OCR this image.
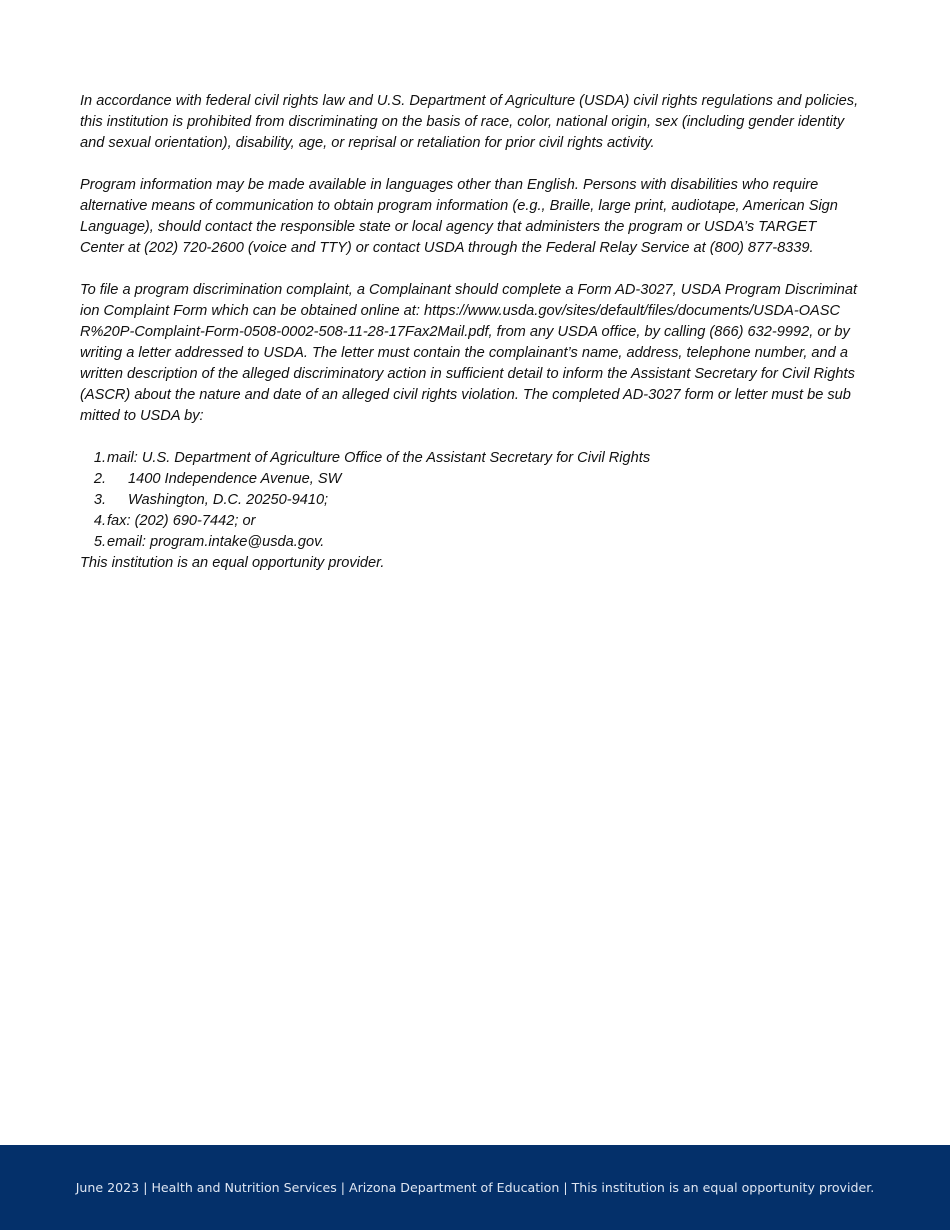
In accordance with federal civil rights law and U.S. Department of Agriculture (USDA) civil rights regulations and policies, this institution is prohibited from discriminating on the basis of race, color, national origin, sex (including gender identity and sexual orientation), disability, age, or reprisal or retaliation for prior civil rights activity.

Program information may be made available in languages other than English. Persons with disabilities who require alternative means of communication to obtain program information (e.g., Braille, large print, audiotape, American Sign Language), should contact the responsible state or local agency that administers the program or USDA’s TARGET Center at (202) 720-2600 (voice and TTY) or contact USDA through the Federal Relay Service at (800) 877-8339.

To file a program discrimination complaint, a Complainant should complete a Form AD-3027, USDA Program Discrimination Complaint Form which can be obtained online at: https://www.usda.gov/sites/default/files/documents/USDA-OASCR%20P-Complaint-Form-0508-0002-508-11-28-17Fax2Mail.pdf, from any USDA office, by calling (866) 632-9992, or by writing a letter addressed to USDA. The letter must contain the complainant’s name, address, telephone number, and a written description of the alleged discriminatory action in sufficient detail to inform the Assistant Secretary for Civil Rights (ASCR) about the nature and date of an alleged civil rights violation. The completed AD-3027 form or letter must be submitted to USDA by:

1 . mail: U.S. Department of Agriculture Office of the Assistant Secretary for Civil Rights
2 .	1400 Independence Avenue, SW
3 .	Washington, D.C. 20250-9410;
4 . fax: (202) 690-7442; or
5 . email: program.intake@usda.gov.

This institution is an equal opportunity provider.

June 2023 | Health and Nutrition Services | Arizona Department of Education | This institution is an equal opportunity provider.
